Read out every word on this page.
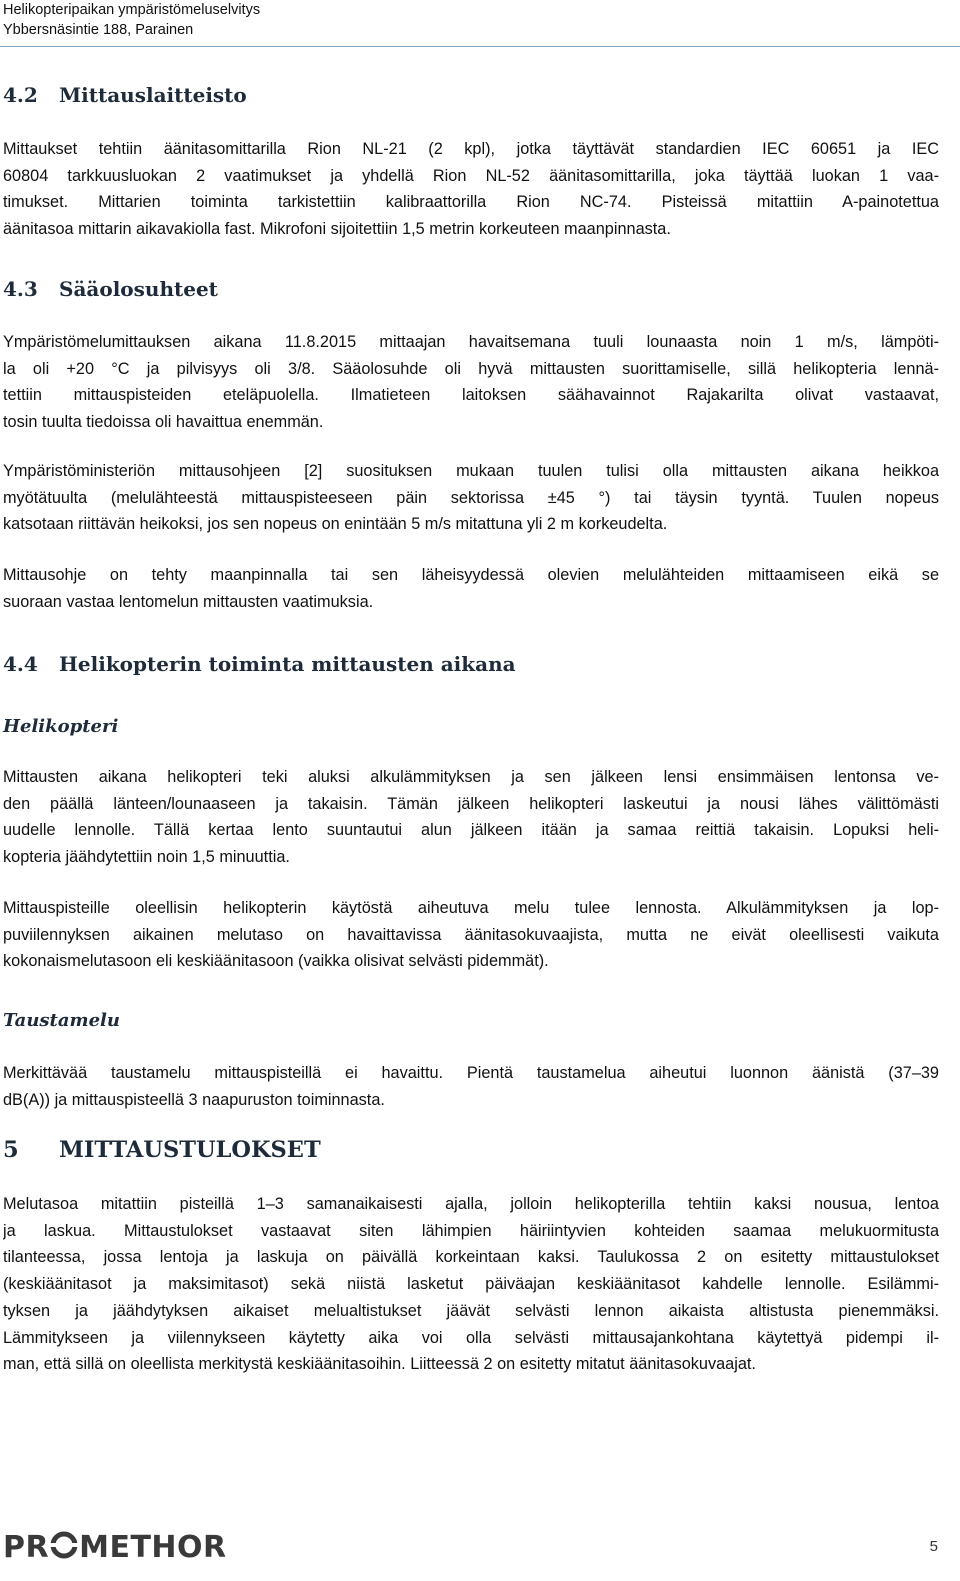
Helikopteripaikan ympäristömeluselvitys
Ybbersnäsintie 188, Parainen
4.2 Mittauslaitteisto

Mittaukset tehtiin äänitasomittarilla Rion NL-21 (2 kpl), jotka täyttävät standardien IEC 60651 ja IEC
60804 tarkkuusluokan 2 vaatimukset ja yhdellä Rion NL-52 äänitasomittarilla, joka täyttää luokan 1 vaa-
timukset. Mittarien toiminta tarkistettiin kalibraattorilla Rion NC-74. Pisteissä mitattiin A-painotettua
äänitasoa mittarin aikavakiolla fast. Mikrofoni sijoitettiin 1,5 metrin korkeuteen maanpinnasta.

4.3 Sääolosuhteet

Ympäristömelumittauksen aikana 11.8.2015 mittaajan havaitsemana tuuli lounaasta noin 1 m/s, lämpöti-
la oli +20 °C ja pilvisyys oli 3/8. Sääolosuhde oli hyvä mittausten suorittamiselle, sillä helikopteria lennä-
tettiin mittauspisteiden eteläpuolella. Ilmatieteen laitoksen säähavainnot Rajakarilta olivat vastaavat,
tosin tuulta tiedoissa oli havaittua enemmän.

Ympäristöministeriön mittausohjeen [2] suosituksen mukaan tuulen tulisi olla mittausten aikana heikkoa
myötätuulta (melulähteestä mittauspisteeseen päin sektorissa ±45 °) tai täysin tyyntä. Tuulen nopeus
katsotaan riittävän heikoksi, jos sen nopeus on enintään 5 m/s mitattuna yli 2 m korkeudelta.

Mittausohje on tehty maanpinnalla tai sen läheisyydessä olevien melulähteiden mittaamiseen eikä se
suoraan vastaa lentomelun mittausten vaatimuksia.

4.4 Helikopterin toiminta mittausten aikana
Helikopteri

Mittausten aikana helikopteri teki aluksi alkulämmityksen ja sen jälkeen lensi ensimmäisen lentonsa ve-
den päällä länteen/lounaaseen ja takaisin. Tämän jälkeen helikopteri laskeutui ja nousi lähes välittömästi
uudelle lennolle. Tällä kertaa lento suuntautui alun jälkeen itään ja samaa reittiä takaisin. Lopuksi heli-
kopteria jäähdytettiin noin 1,5 minuuttia.

Mittauspisteille oleellisin helikopterin käytöstä aiheutuva melu tulee lennosta. Alkulämmityksen ja lop-
puviilennyksen aikainen melutaso on havaittavissa äänitasokuvaajista, mutta ne eivät oleellisesti vaikuta
kokonaismelutasoon eli keskiäänitasoon (vaikka olisivat selvästi pidemmät).

Taustamelu

Merkittävää taustamelu mittauspisteillä ei havaittu. Pientä taustamelua aiheutui luonnon äänistä (37–39
dB(A)) ja mittauspisteellä 3 naapuruston toiminnasta.

5 MITTAUSTULOKSET

Melutasoa mitattiin pisteillä 1–3 samanaikaisesti ajalla, jolloin helikopterilla tehtiin kaksi nousua, lentoa
ja laskua. Mittaustulokset vastaavat siten lähimpien häiriintyvien kohteiden saamaa melukuormitusta
tilanteessa, jossa lentoja ja laskuja on päivällä korkeintaan kaksi. Taulukossa 2 on esitetty mittaustulokset
(keskiäänitasot ja maksimitasot) sekä niistä lasketut päiväajan keskiäänitasot kahdelle lennolle. Esilämmi-
tyksen ja jäähdytyksen aikaiset melualtistukset jäävät selvästi lennon aikaista altistusta pienemmäksi.
Lämmitykseen ja viilennykseen käytetty aika voi olla selvästi mittausajankohtana käytettyä pidempi il-
man, että sillä on oleellista merkitystä keskiäänitasoihin. Liitteessä 2 on esitetty mitatut äänitasokuvaajat.

PR METHOR	5
